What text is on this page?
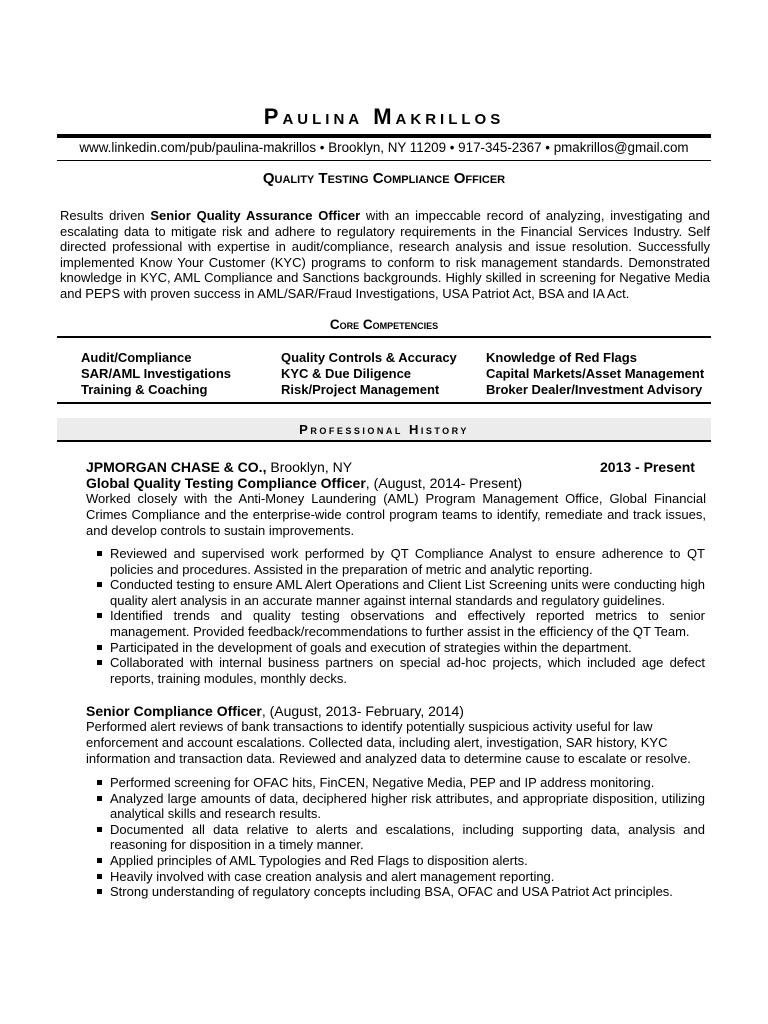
Paulina Makrillos
www.linkedin.com/pub/paulina-makrillos • Brooklyn, NY 11209 • 917-345-2367 • pmakrillos@gmail.com
Quality Testing Compliance Officer
Results driven Senior Quality Assurance Officer with an impeccable record of analyzing, investigating and escalating data to mitigate risk and adhere to regulatory requirements in the Financial Services Industry. Self directed professional with expertise in audit/compliance, research analysis and issue resolution. Successfully implemented Know Your Customer (KYC) programs to conform to risk management standards. Demonstrated knowledge in KYC, AML Compliance and Sanctions backgrounds. Highly skilled in screening for Negative Media and PEPS with proven success in AML/SAR/Fraud Investigations, USA Patriot Act, BSA and IA Act.
Core Competencies
Audit/Compliance
SAR/AML Investigations
Training & Coaching
Quality Controls & Accuracy
KYC & Due Diligence
Risk/Project Management
Knowledge of Red Flags
Capital Markets/Asset Management
Broker Dealer/Investment Advisory
Professional History
JPMORGAN CHASE & CO., Brooklyn, NY	2013 - Present
Global Quality Testing Compliance Officer, (August, 2014- Present)
Worked closely with the Anti-Money Laundering (AML) Program Management Office, Global Financial Crimes Compliance and the enterprise-wide control program teams to identify, remediate and track issues, and develop controls to sustain improvements.
Reviewed and supervised work performed by QT Compliance Analyst to ensure adherence to QT policies and procedures. Assisted in the preparation of metric and analytic reporting.
Conducted testing to ensure AML Alert Operations and Client List Screening units were conducting high quality alert analysis in an accurate manner against internal standards and regulatory guidelines.
Identified trends and quality testing observations and effectively reported metrics to senior management. Provided feedback/recommendations to further assist in the efficiency of the QT Team.
Participated in the development of goals and execution of strategies within the department.
Collaborated with internal business partners on special ad-hoc projects, which included age defect reports, training modules, monthly decks.
Senior Compliance Officer, (August, 2013- February, 2014)
Performed alert reviews of bank transactions to identify potentially suspicious activity useful for law enforcement and account escalations. Collected data, including alert, investigation, SAR history, KYC information and transaction data. Reviewed and analyzed data to determine cause to escalate or resolve.
Performed screening for OFAC hits, FinCEN, Negative Media, PEP and IP address monitoring.
Analyzed large amounts of data, deciphered higher risk attributes, and appropriate disposition, utilizing analytical skills and research results.
Documented all data relative to alerts and escalations, including supporting data, analysis and reasoning for disposition in a timely manner.
Applied principles of AML Typologies and Red Flags to disposition alerts.
Heavily involved with case creation analysis and alert management reporting.
Strong understanding of regulatory concepts including BSA, OFAC and USA Patriot Act principles.
